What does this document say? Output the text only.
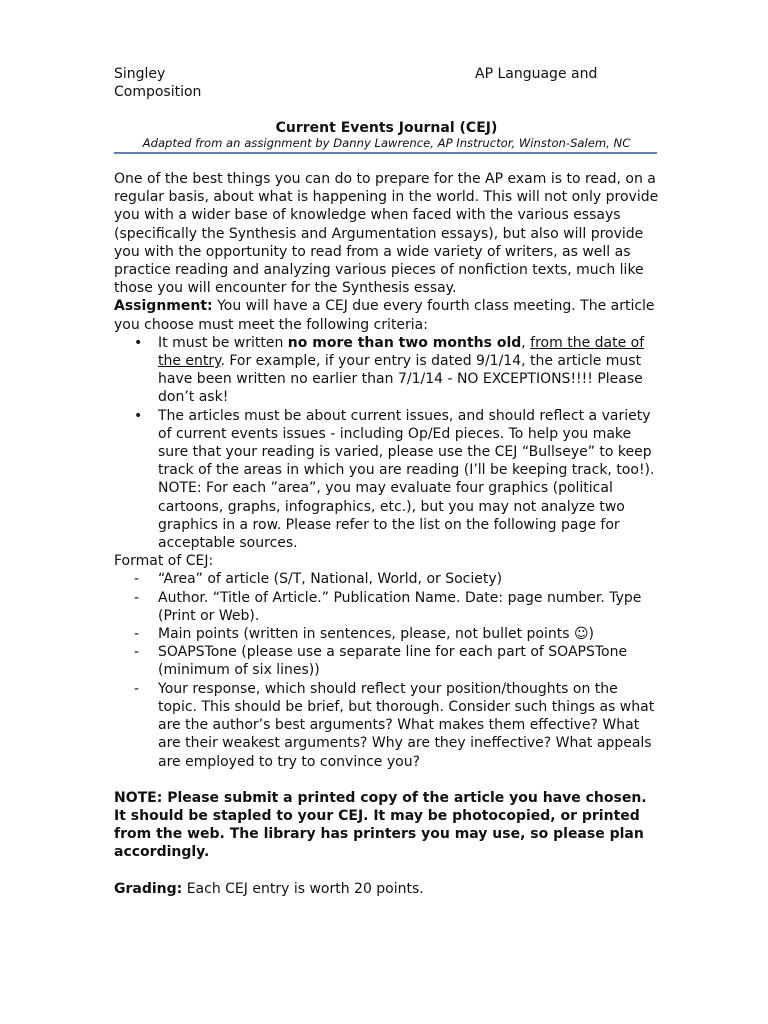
Singley	AP Language and
Composition
Current Events Journal (CEJ)
Adapted from an assignment by Danny Lawrence, AP Instructor, Winston-Salem, NC

One of the best things you can do to prepare for the AP exam is to read, on a regular basis, about what is happening in the world. This will not only provide you with a wider base of knowledge when faced with the various essays (specifically the Synthesis and Argumentation essays), but also will provide you with the opportunity to read from a wide variety of writers, as well as practice reading and analyzing various pieces of nonfiction texts, much like those you will encounter for the Synthesis essay.

Assignment: You will have a CEJ due every fourth class meeting. The article you choose must meet the following criteria:

• It must be written no more than two months old, from the date of the entry. For example, if your entry is dated 9/1/14, the article must have been written no earlier than 7/1/14 - NO EXCEPTIONS!!!! Please don’t ask!
• The articles must be about current issues, and should reflect a variety of current events issues - including Op/Ed pieces. To help you make sure that your reading is varied, please use the CEJ “Bullseye” to keep track of the areas in which you are reading (I’ll be keeping track, too!). NOTE: For each ”area”, you may evaluate four graphics (political cartoons, graphs, infographics, etc.), but you may not analyze two graphics in a row. Please refer to the list on the following page for acceptable sources.

Format of CEJ:

- “Area” of article (S/T, National, World, or Society)
- Author. “Title of Article.” Publication Name. Date: page number. Type (Print or Web).
- Main points (written in sentences, please, not bullet points ☺)
- SOAPSTone (please use a separate line for each part of SOAPSTone (minimum of six lines))
- Your response, which should reflect your position/thoughts on the topic. This should be brief, but thorough. Consider such things as what are the author’s best arguments? What makes them effective? What are their weakest arguments? Why are they ineffective? What appeals are employed to try to convince you?

NOTE: Please submit a printed copy of the article you have chosen. It should be stapled to your CEJ. It may be photocopied, or printed from the web. The library has printers you may use, so please plan accordingly.

Grading: Each CEJ entry is worth 20 points.
